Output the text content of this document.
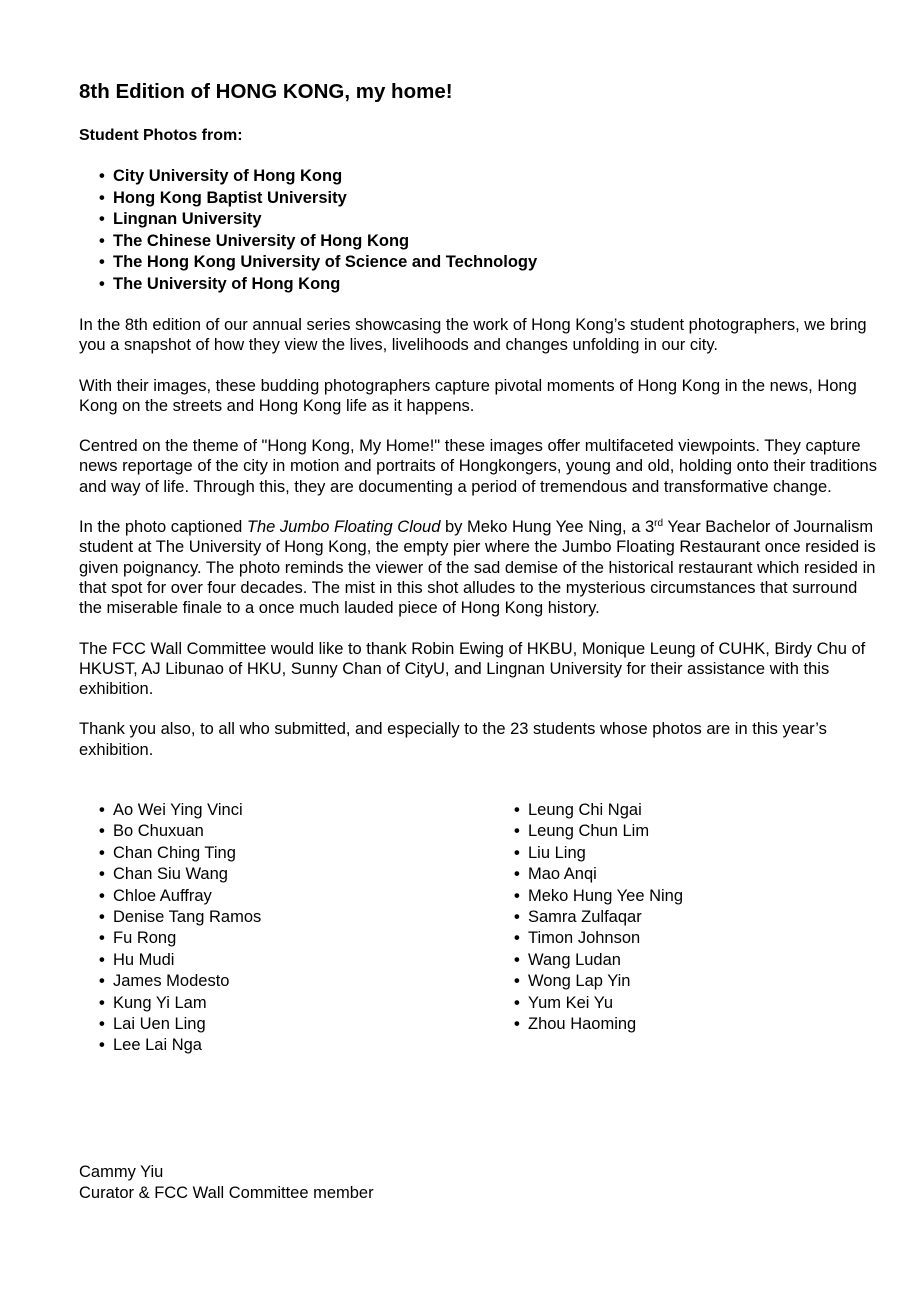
8th Edition of HONG KONG, my home!

Student Photos from:

• City University of Hong Kong
• Hong Kong Baptist University
• Lingnan University
• The Chinese University of Hong Kong
• The Hong Kong University of Science and Technology
• The University of Hong Kong

In the 8th edition of our annual series showcasing the work of Hong Kong’s student photographers, we bring you a snapshot of how they view the lives, livelihoods and changes unfolding in our city.

With their images, these budding photographers capture pivotal moments of Hong Kong in the news, Hong Kong on the streets and Hong Kong life as it happens.

Centred on the theme of "Hong Kong, My Home!" these images offer multifaceted viewpoints. They capture news reportage of the city in motion and portraits of Hongkongers, young and old, holding onto their traditions and way of life. Through this, they are documenting a period of tremendous and transformative change.

In the photo captioned The Jumbo Floating Cloud by Meko Hung Yee Ning, a 3rd Year Bachelor of Journalism student at The University of Hong Kong, the empty pier where the Jumbo Floating Restaurant once resided is given poignancy. The photo reminds the viewer of the sad demise of the historical restaurant which resided in that spot for over four decades. The mist in this shot alludes to the mysterious circumstances that surround the miserable finale to a once much lauded piece of Hong Kong history.

The FCC Wall Committee would like to thank Robin Ewing of HKBU, Monique Leung of CUHK, Birdy Chu of HKUST, AJ Libunao of HKU, Sunny Chan of CityU, and Lingnan University for their assistance with this exhibition.

Thank you also, to all who submitted, and especially to the 23 students whose photos are in this year’s exhibition.

• Ao Wei Ying Vinci
• Bo Chuxuan
• Chan Ching Ting
• Chan Siu Wang
• Chloe Auffray
• Denise Tang Ramos
• Fu Rong
• Hu Mudi
• James Modesto
• Kung Yi Lam
• Lai Uen Ling
• Lee Lai Nga
• Leung Chi Ngai
• Leung Chun Lim
• Liu Ling
• Mao Anqi
• Meko Hung Yee Ning
• Samra Zulfaqar
• Timon Johnson
• Wang Ludan
• Wong Lap Yin
• Yum Kei Yu
• Zhou Haoming
Cammy Yiu
Curator & FCC Wall Committee member
